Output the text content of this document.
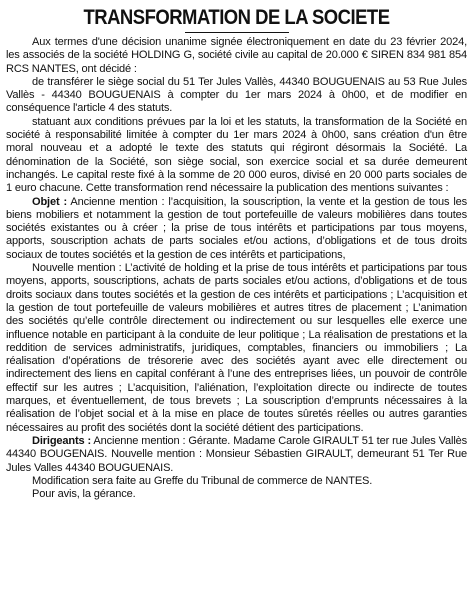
TRANSFORMATION DE LA SOCIETE

Aux termes d'une décision unanime signée électroniquement en date du 23 février 2024, les associés de la société HOLDING G, société civile au capital de 20.000 € SIREN 834 981 854 RCS NANTES, ont décidé :

de transférer le siège social du 51 Ter Jules Vallès, 44340 BOUGUENAIS au 53 Rue Jules Vallès - 44340 BOUGUENAIS à compter du 1er mars 2024 à 0h00, et de modifier en conséquence l'article 4 des statuts.

statuant aux conditions prévues par la loi et les statuts, la transformation de la Société en société à responsabilité limitée à compter du 1er mars 2024 à 0h00, sans création d'un être moral nouveau et a adopté le texte des statuts qui régiront désormais la Société. La dénomination de la Société, son siège social, son exercice social et sa durée demeurent inchangés. Le capital reste fixé à la somme de 20 000 euros, divisé en 20 000 parts sociales de 1 euro chacune. Cette transformation rend nécessaire la publication des mentions suivantes :

Objet : Ancienne mention : l’acquisition, la souscription, la vente et la gestion de tous les biens mobiliers et notamment la gestion de tout portefeuille de valeurs mobilières dans toutes sociétés existantes ou à créer ; la prise de tous intérêts et participations par tous moyens, apports, souscription achats de parts sociales et/ou actions, d’obligations et de tous droits sociaux de toutes sociétés et la gestion de ces intérêts et participations,

Nouvelle mention : L’activité de holding et la prise de tous intérêts et participations par tous moyens, apports, souscriptions, achats de parts sociales et/ou actions, d’obligations et de tous droits sociaux dans toutes sociétés et la gestion de ces intérêts et participations ; L’acquisition et la gestion de tout portefeuille de valeurs mobilières et autres titres de placement ; L’animation des sociétés qu’elle contrôle directement ou indirectement ou sur lesquelles elle exerce une influence notable en participant à la conduite de leur politique ; La réalisation de prestations et la reddition de services administratifs, juridiques, comptables, financiers ou immobiliers ; La réalisation d’opérations de trésorerie avec des sociétés ayant avec elle directement ou indirectement des liens en capital conférant à l’une des entreprises liées, un pouvoir de contrôle effectif sur les autres ; L’acquisition, l’aliénation, l’exploitation directe ou indirecte de toutes marques, et éventuellement, de tous brevets ; La souscription d’emprunts nécessaires à la réalisation de l’objet social et à la mise en place de toutes sûretés réelles ou autres garanties nécessaires au profit des sociétés dont la société détient des participations.

Dirigeants : Ancienne mention : Gérante. Madame Carole GIRAULT 51 ter rue Jules Vallès 44340 BOUGENAIS. Nouvelle mention : Monsieur Sébastien GIRAULT, demeurant 51 Ter Rue Jules Valles 44340 BOUGUENAIS.

Modification sera faite au Greffe du Tribunal de commerce de NANTES.

Pour avis, la gérance.
